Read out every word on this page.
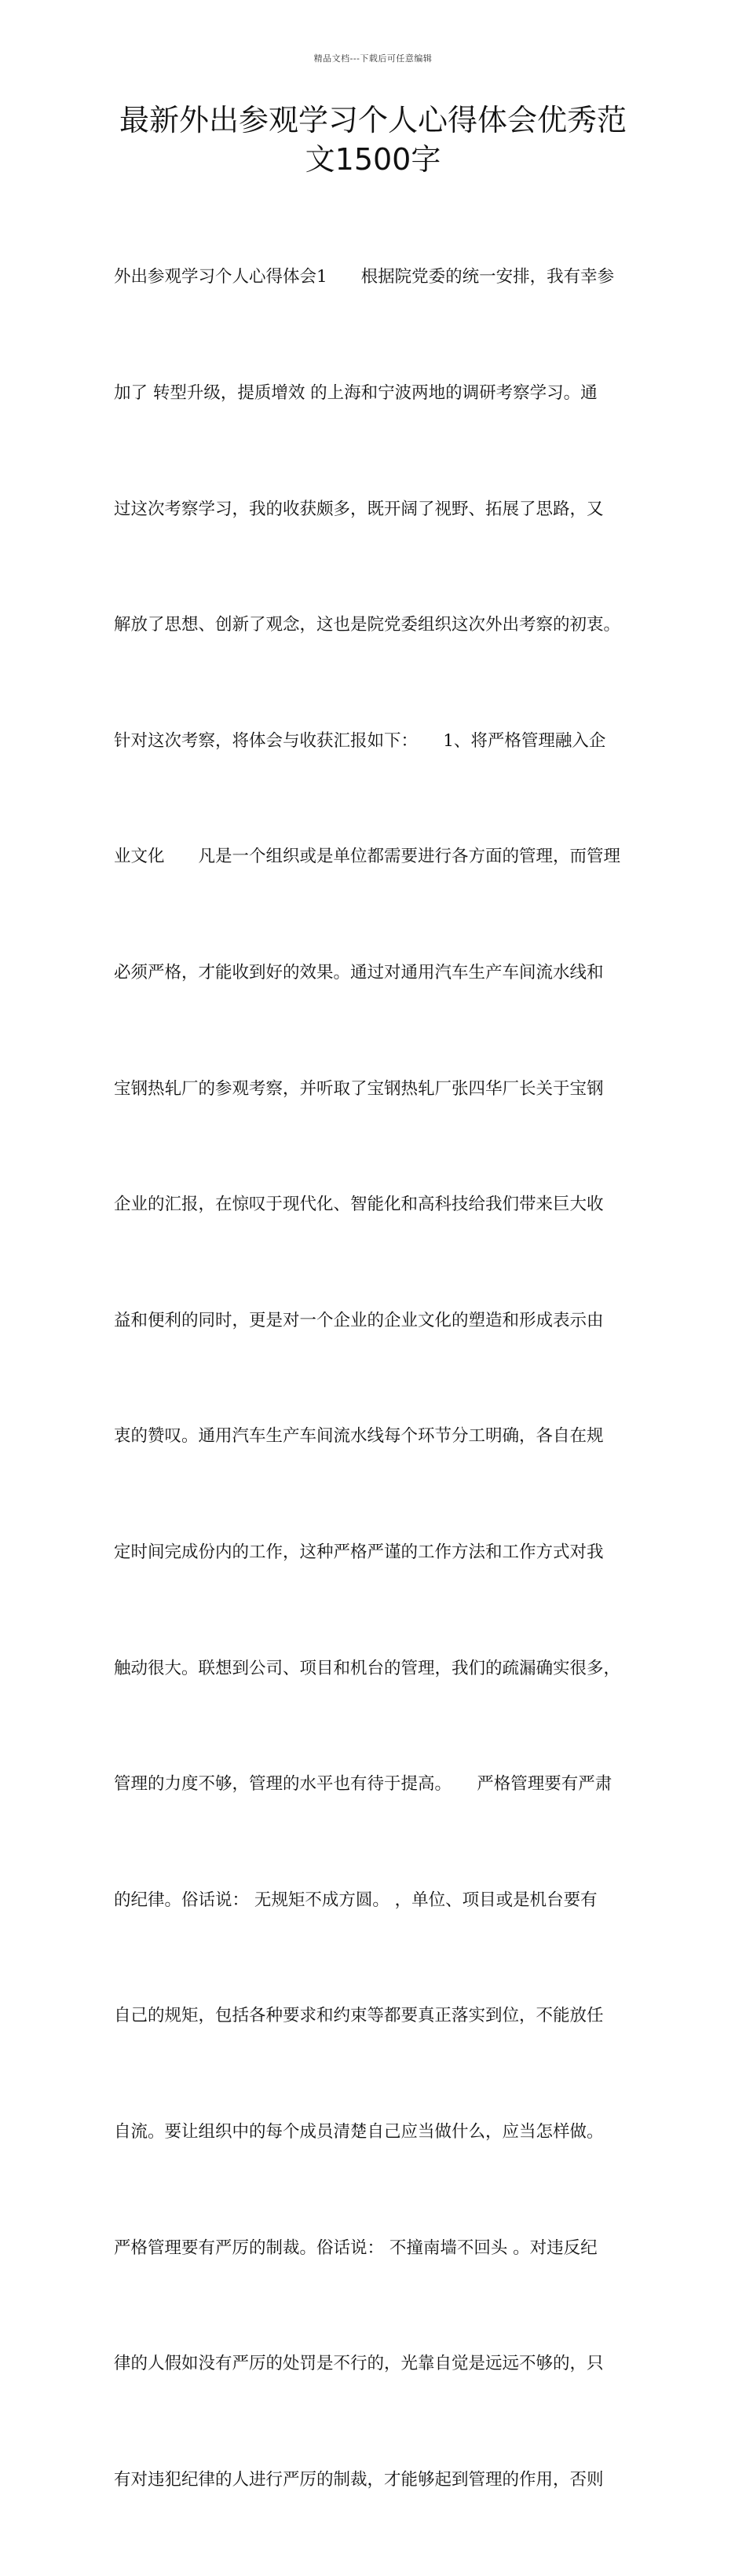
精品文档---下载后可任意编辑
最新外出参观学习个人心得体会优秀范
文1500字

外出参观学习个人心得体会1　　根据院党委的统一安排，我有幸参

加了 转型升级，提质增效 的上海和宁波两地的调研考察学习。通

过这次考察学习，我的收获颇多，既开阔了视野、拓展了思路，又

解放了思想、创新了观念，这也是院党委组织这次外出考察的初衷。

针对这次考察，将体会与收获汇报如下：　　1、将严格管理融入企

业文化　　凡是一个组织或是单位都需要进行各方面的管理，而管理

必须严格，才能收到好的效果。通过对通用汽车生产车间流水线和

宝钢热轧厂的参观考察，并听取了宝钢热轧厂张四华厂长关于宝钢

企业的汇报，在惊叹于现代化、智能化和高科技给我们带来巨大收

益和便利的同时，更是对一个企业的企业文化的塑造和形成表示由

衷的赞叹。通用汽车生产车间流水线每个环节分工明确，各自在规

定时间完成份内的工作，这种严格严谨的工作方法和工作方式对我

触动很大。联想到公司、项目和机台的管理，我们的疏漏确实很多，

管理的力度不够，管理的水平也有待于提高。　　严格管理要有严肃

的纪律。俗话说： 无规矩不成方圆。 ，单位、项目或是机台要有

自己的规矩，包括各种要求和约束等都要真正落实到位，不能放任

自流。要让组织中的每个成员清楚自己应当做什么，应当怎样做。

严格管理要有严厉的制裁。俗话说： 不撞南墙不回头 。对违反纪

律的人假如没有严厉的处罚是不行的，光靠自觉是远远不够的，只

有对违犯纪律的人进行严厉的制裁，才能够起到管理的作用，否则
